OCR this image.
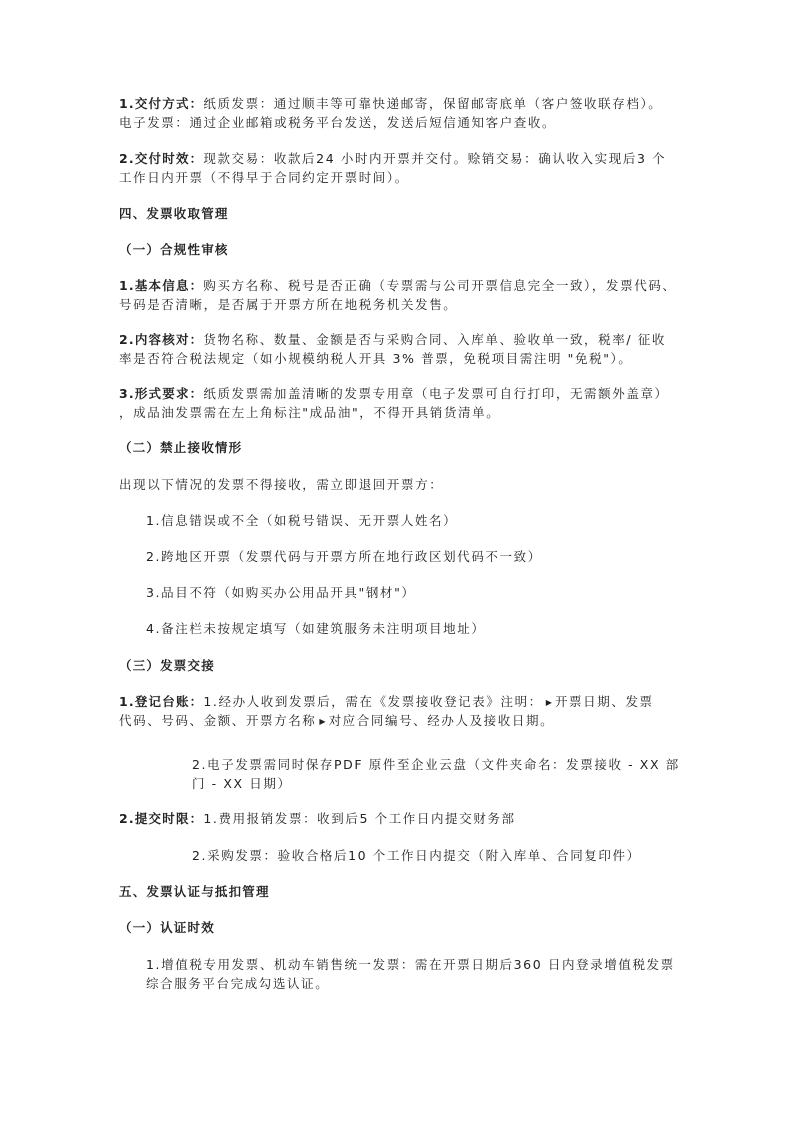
1.交付方式：纸质发票：通过顺丰等可靠快递邮寄，保留邮寄底单（客户签收联存档）。
电子发票：通过企业邮箱或税务平台发送，发送后短信通知客户查收。
2.交付时效：现款交易：收款后24 小时内开票并交付。赊销交易：确认收入实现后3 个
工作日内开票（不得早于合同约定开票时间）。
四、发票收取管理
（一）合规性审核
1.基本信息：购买方名称、税号是否正确（专票需与公司开票信息完全一致），发票代码、
号码是否清晰，是否属于开票方所在地税务机关发售。
2.内容核对：货物名称、数量、金额是否与采购合同、入库单、验收单一致，税率/ 征收
率是否符合税法规定（如小规模纳税人开具 3% 普票，免税项目需注明 "免税"）。
3.形式要求：纸质发票需加盖清晰的发票专用章（电子发票可自行打印，无需额外盖章）
，成品油发票需在左上角标注"成品油"，不得开具销货清单。
（二）禁止接收情形
出现以下情况的发票不得接收，需立即退回开票方：
1.信息错误或不全（如税号错误、无开票人姓名）
2.跨地区开票（发票代码与开票方所在地行政区划代码不一致）
3.品目不符（如购买办公用品开具"钢材"）
4.备注栏未按规定填写（如建筑服务未注明项目地址）
（三）发票交接
1.登记台账：1.经办人收到发票后，需在《发票接收登记表》注明： ▶ 开票日期、发票
代码、号码、金额、开票方名称 ▶ 对应合同编号、经办人及接收日期。
2.电子发票需同时保存PDF 原件至企业云盘（文件夹命名：发票接收 - XX 部
门 - XX 日期）
2.提交时限：1.费用报销发票：收到后5 个工作日内提交财务部
2.采购发票：验收合格后10 个工作日内提交（附入库单、合同复印件）
五、发票认证与抵扣管理
（一）认证时效
1.增值税专用发票、机动车销售统一发票：需在开票日期后360 日内登录增值税发票
综合服务平台完成勾选认证。
